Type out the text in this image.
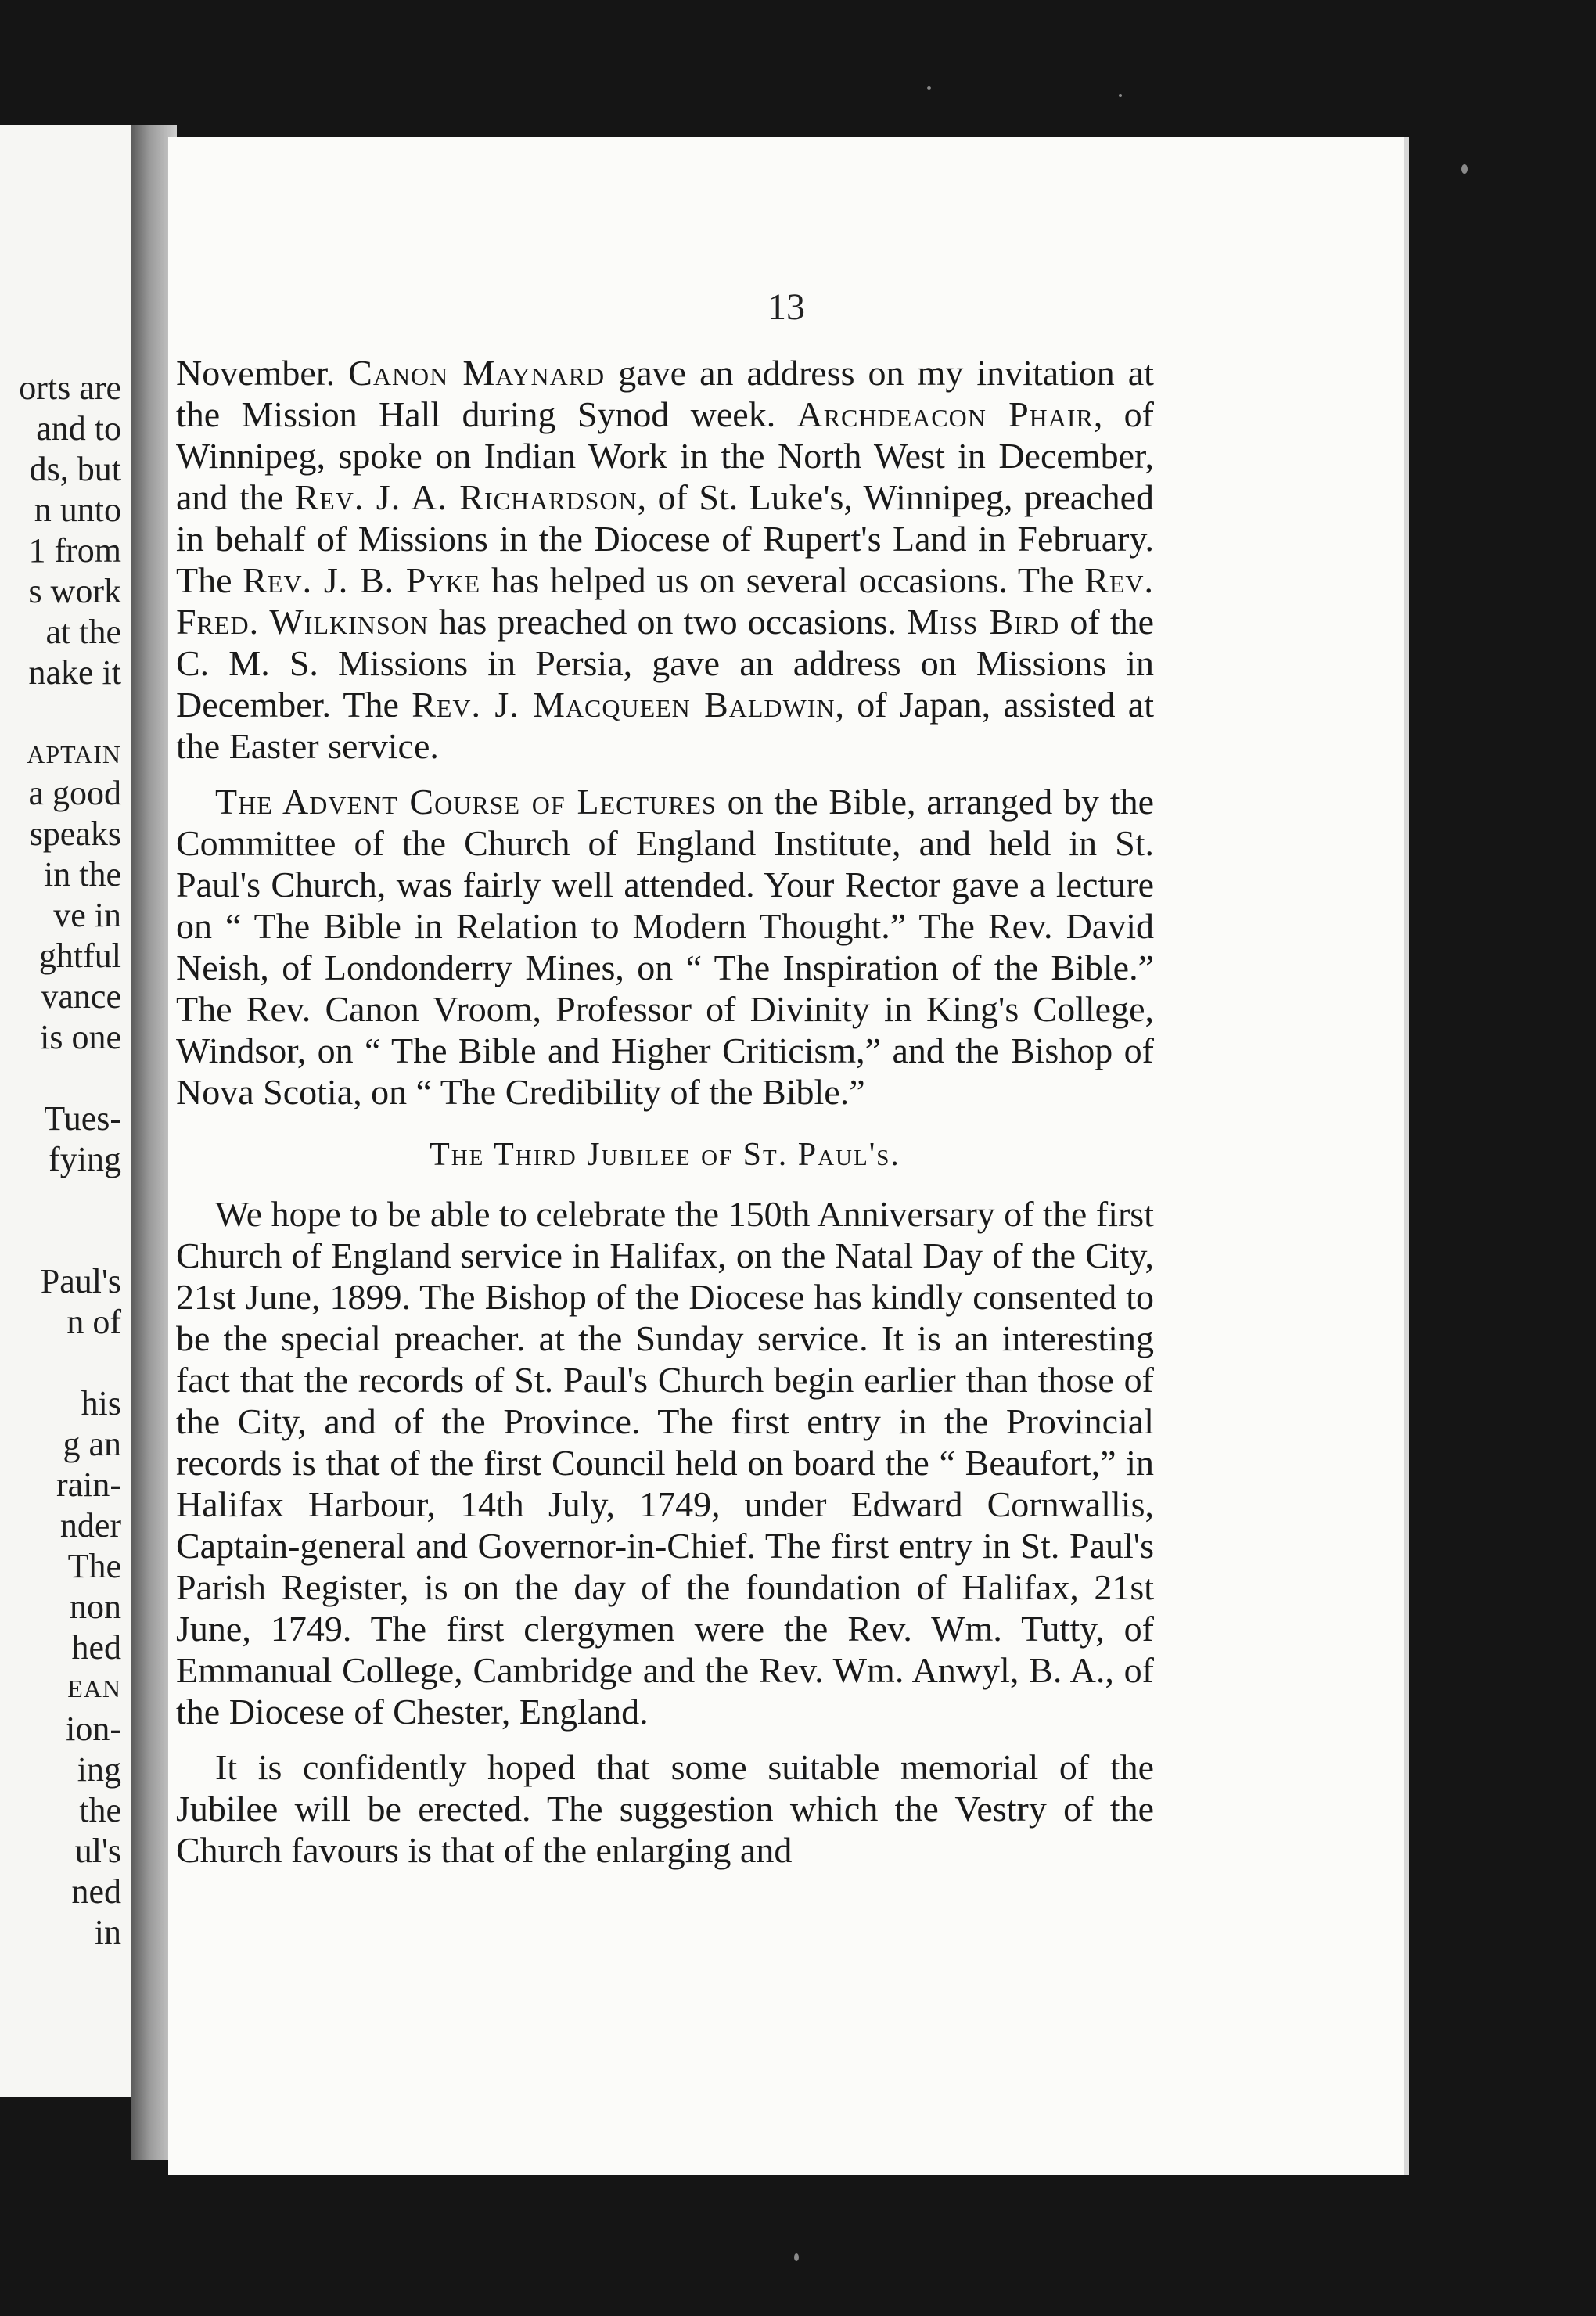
orts are
and to
ds, but
n unto
1 from
s work
at the
nake it
APTAIN
a good
speaks
in the
ve in
ghtful
vance
is one
Tues-
fying
Paul's
n of
his
g an
rain-
nder
The
non
hed
EAN
ion-
ing
the
ul's
ned
in
13

November. Canon Maynard gave an address on my invitation at the Mission Hall during Synod week. Archdeacon Phair, of Winnipeg, spoke on Indian Work in the North West in December, and the Rev. J. A. Richardson, of St. Luke's, Winnipeg, preached in behalf of Missions in the Diocese of Rupert's Land in February. The Rev. J. B. Pyke has helped us on several occasions. The Rev. Fred. Wilkinson has preached on two occasions. Miss Bird of the C. M. S. Missions in Persia, gave an address on Missions in December. The Rev. J. Macqueen Baldwin, of Japan, assisted at the Easter service.

The Advent Course of Lectures on the Bible, arranged by the Committee of the Church of England Institute, and held in St. Paul's Church, was fairly well attended. Your Rector gave a lecture on “ The Bible in Relation to Modern Thought.” The Rev. David Neish, of Londonderry Mines, on “ The Inspiration of the Bible.” The Rev. Canon Vroom, Professor of Divinity in King's College, Windsor, on “ The Bible and Higher Criticism,” and the Bishop of Nova Scotia, on “ The Credibility of the Bible.”

The Third Jubilee of St. Paul's.

We hope to be able to celebrate the 150th Anniversary of the first Church of England service in Halifax, on the Natal Day of the City, 21st June, 1899. The Bishop of the Diocese has kindly consented to be the special preacher. at the Sunday service. It is an interesting fact that the records of St. Paul's Church begin earlier than those of the City, and of the Province. The first entry in the Provincial records is that of the first Council held on board the “ Beaufort,” in Halifax Harbour, 14th July, 1749, under Edward Cornwallis, Captain-general and Governor-in-Chief. The first entry in St. Paul's Parish Register, is on the day of the foundation of Halifax, 21st June, 1749. The first clergymen were the Rev. Wm. Tutty, of Emmanual College, Cambridge and the Rev. Wm. Anwyl, B. A., of the Diocese of Chester, England.

It is confidently hoped that some suitable memorial of the Jubilee will be erected. The suggestion which the Vestry of the Church favours is that of the enlarging and
